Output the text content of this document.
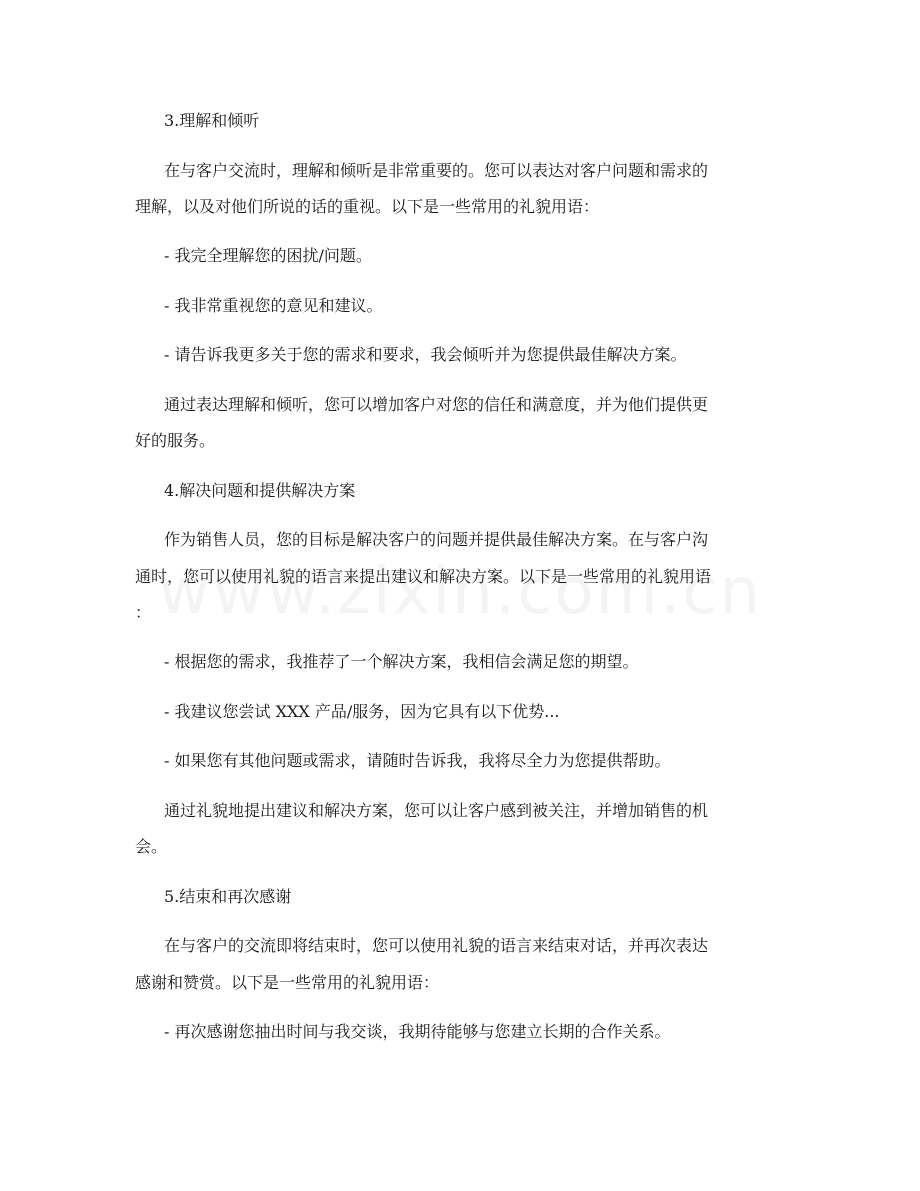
3.理解和倾听
在与客户交流时，理解和倾听是非常重要的。您可以表达对客户问题和需求的
理解，以及对他们所说的话的重视。以下是一些常用的礼貌用语：
- 我完全理解您的困扰/问题。
- 我非常重视您的意见和建议。
- 请告诉我更多关于您的需求和要求，我会倾听并为您提供最佳解决方案。
通过表达理解和倾听，您可以增加客户对您的信任和满意度，并为他们提供更
好的服务。
4.解决问题和提供解决方案
作为销售人员，您的目标是解决客户的问题并提供最佳解决方案。在与客户沟
通时，您可以使用礼貌的语言来提出建议和解决方案。以下是一些常用的礼貌用语
：
- 根据您的需求，我推荐了一个解决方案，我相信会满足您的期望。
- 我建议您尝试 XXX 产品/服务，因为它具有以下优势...
- 如果您有其他问题或需求，请随时告诉我，我将尽全力为您提供帮助。
通过礼貌地提出建议和解决方案，您可以让客户感到被关注，并增加销售的机
会。
5.结束和再次感谢
在与客户的交流即将结束时，您可以使用礼貌的语言来结束对话，并再次表达
感谢和赞赏。以下是一些常用的礼貌用语：
- 再次感谢您抽出时间与我交谈，我期待能够与您建立长期的合作关系。
